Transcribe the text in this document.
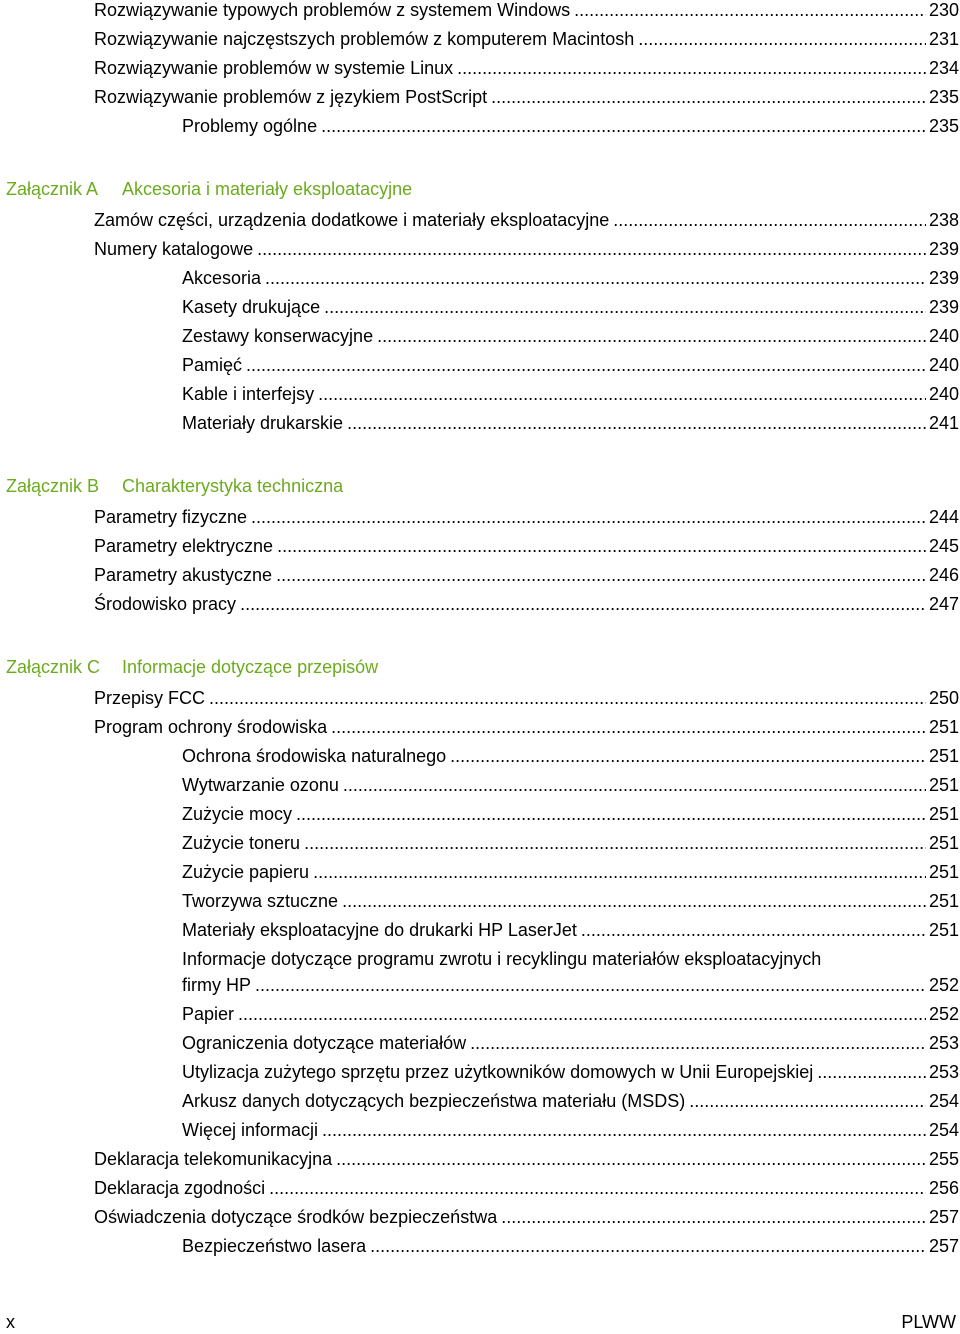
Rozwiązywanie typowych problemów z systemem Windows .....	230
Rozwiązywanie najczęstszych problemów z komputerem Macintosh .....	231
Rozwiązywanie problemów w systemie Linux .....	234
Rozwiązywanie problemów z językiem PostScript .....	235
Problemy ogólne .....	235
Załącznik A Akcesoria i materiały eksploatacyjne
Zamów części, urządzenia dodatkowe i materiały eksploatacyjne .....	238
Numery katalogowe .....	239
Akcesoria .....	239
Kasety drukujące .....	239
Zestawy konserwacyjne .....	240
Pamięć .....	240
Kable i interfejsy .....	240
Materiały drukarskie .....	241
Załącznik B Charakterystyka techniczna
Parametry fizyczne .....	244
Parametry elektryczne .....	245
Parametry akustyczne .....	246
Środowisko pracy .....	247
Załącznik C Informacje dotyczące przepisów
Przepisy FCC .....	250
Program ochrony środowiska .....	251
Ochrona środowiska naturalnego .....	251
Wytwarzanie ozonu .....	251
Zużycie mocy .....	251
Zużycie toneru .....	251
Zużycie papieru .....	251
Tworzywa sztuczne .....	251
Materiały eksploatacyjne do drukarki HP LaserJet .....	251
Informacje dotyczące programu zwrotu i recyklingu materiałów eksploatacyjnych
firmy HP .....	252
Papier .....	252
Ograniczenia dotyczące materiałów .....	253
Utylizacja zużytego sprzętu przez użytkowników domowych w Unii Europejskiej .....	253
Arkusz danych dotyczących bezpieczeństwa materiału (MSDS) .....	254
Więcej informacji .....	254
Deklaracja telekomunikacyjna .....	255
Deklaracja zgodności .....	256
Oświadczenia dotyczące środków bezpieczeństwa .....	257
Bezpieczeństwo lasera .....	257
x	PLWW
